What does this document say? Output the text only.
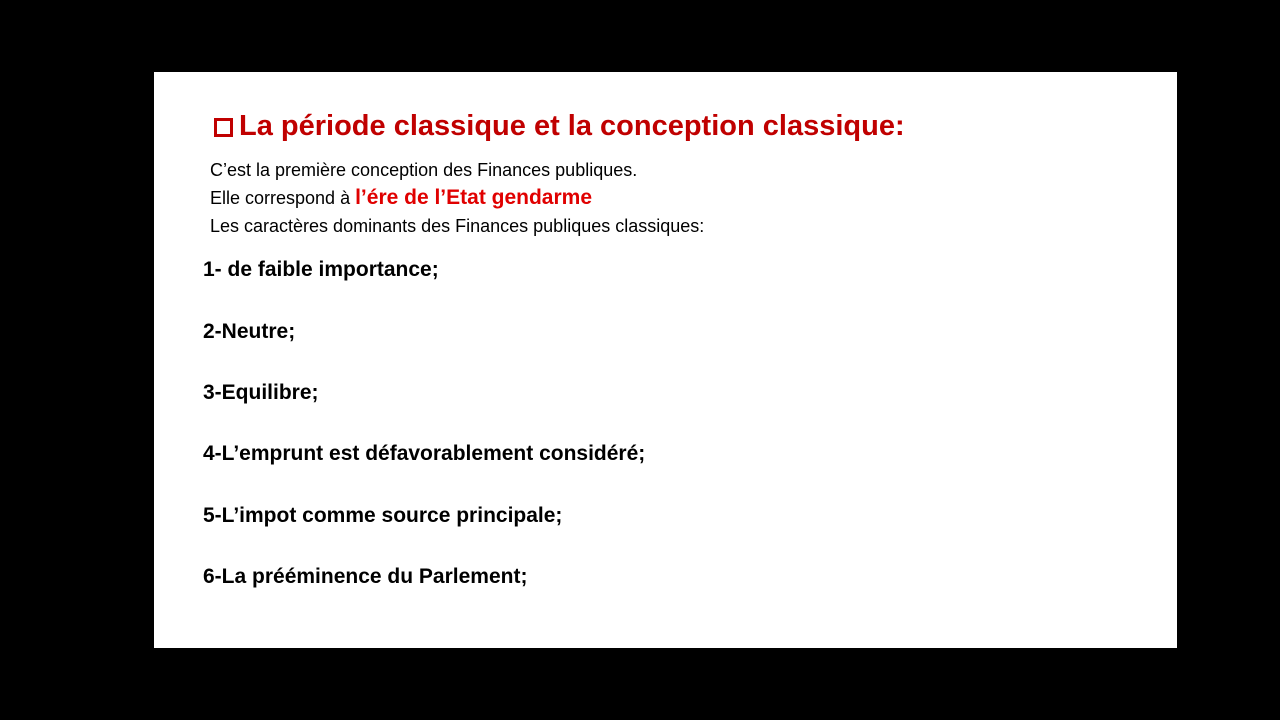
La période classique et la conception classique:
C’est la première conception des Finances publiques.
Elle correspond à l’ére de l’Etat gendarme
Les caractères dominants des Finances publiques classiques:
1- de faible importance;
2-Neutre;
3-Equilibre;
4-L’emprunt est défavorablement considéré;
5-L’impot comme source principale;
6-La prééminence du Parlement;
